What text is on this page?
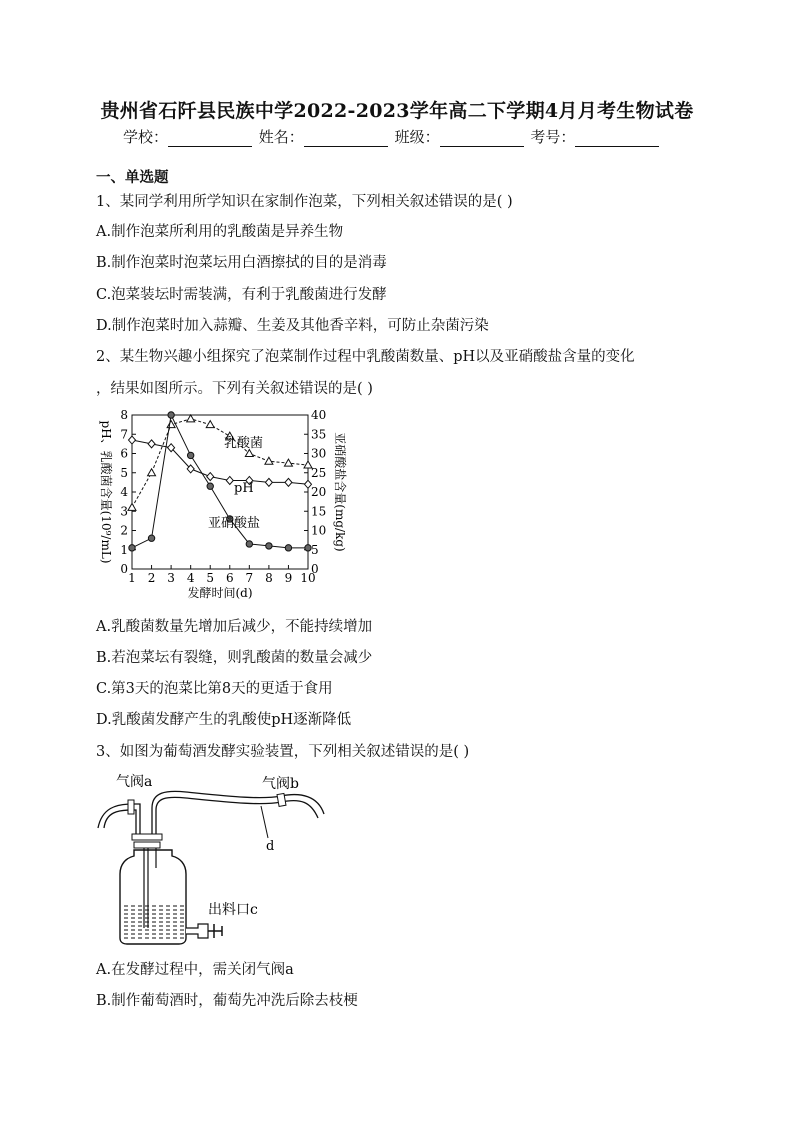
贵州省石阡县民族中学2022-2023学年高二下学期4月月考生物试卷
学校：	姓名：	班级：	考号：
一、单选题
1、某同学利用所学知识在家制作泡菜，下列相关叙述错误的是( )
A.制作泡菜所利用的乳酸菌是异养生物
B.制作泡菜时泡菜坛用白酒擦拭的目的是消毒
C.泡菜装坛时需装满，有利于乳酸菌进行发酵
D.制作泡菜时加入蒜瓣、生姜及其他香辛料，可防止杂菌污染
2、某生物兴趣小组探究了泡菜制作过程中乳酸菌数量、pH以及亚硝酸盐含量的变化
，结果如图所示。下列有关叙述错误的是( )
0
1
2
3
4
5
6
7
8
0
5
10
15
20
25
30
35
40
1 2 3 4 5 6 7 8 9 10
发酵时间(d)
pH、乳酸菌含量(10⁹/mL)	亚硝酸盐含量(mg/kg)
乳酸菌
pH
亚硝酸盐
A.乳酸菌数量先增加后减少，不能持续增加
B.若泡菜坛有裂缝，则乳酸菌的数量会减少
C.第3天的泡菜比第8天的更适于食用
D.乳酸菌发酵产生的乳酸使pH逐渐降低
3、如图为葡萄酒发酵实验装置，下列相关叙述错误的是( )
气阀a	气阀b
d
出料口c
A.在发酵过程中，需关闭气阀a
B.制作葡萄酒时，葡萄先冲洗后除去枝梗
